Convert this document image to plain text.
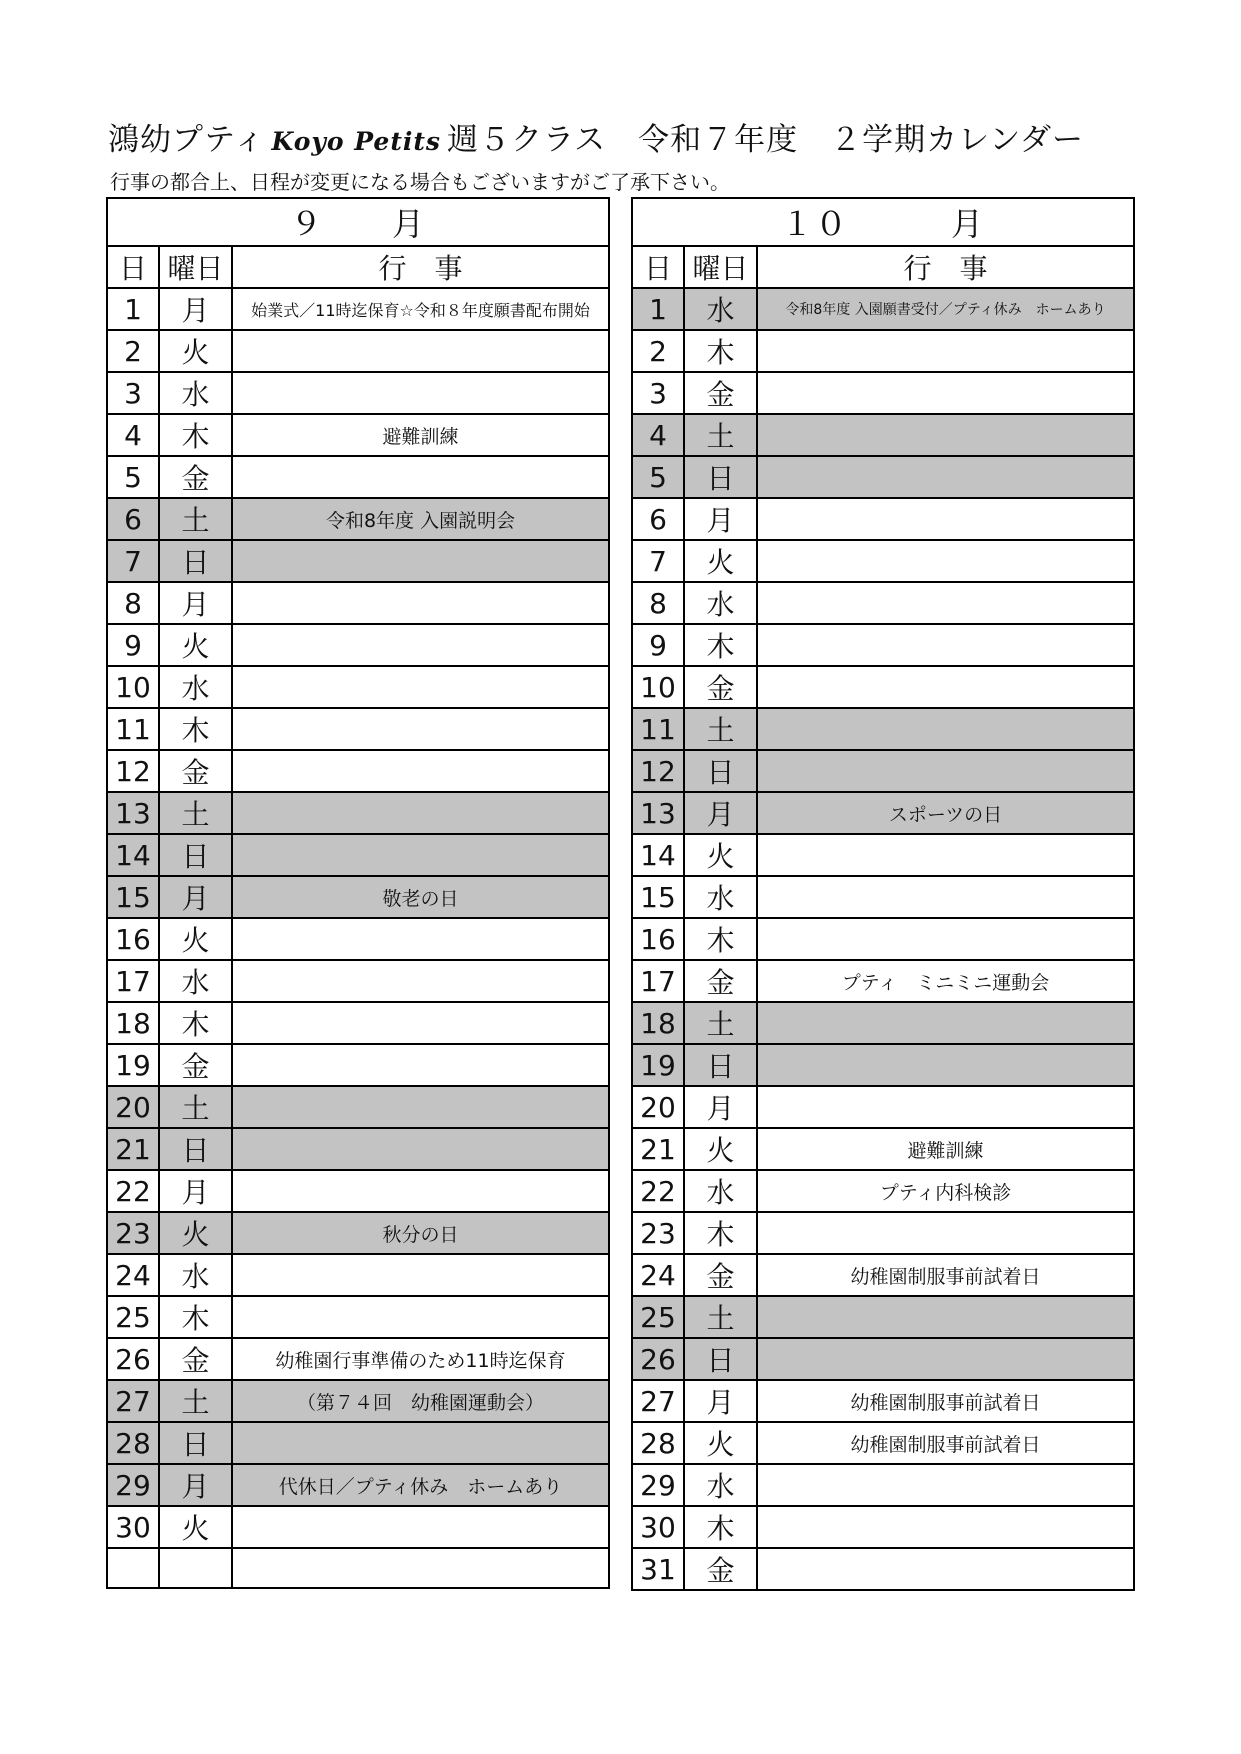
鴻幼プティ Koyo Petits 週５クラス　令和７年度　２学期カレンダー
行事の都合上、日程が変更になる場合もございますがご了承下さい。
９　　月		
日	曜日	行　事
1	月	始業式／11時迄保育☆令和８年度願書配布開始
2	火	
3	水	
4	木	避難訓練
5	金	
6	土	令和8年度 入園説明会
7	日	
8	月	
9	火	
10	水	
11	木	
12	金	
13	土	
14	日	
15	月	敬老の日
16	火	
17	水	
18	木	
19	金	
20	土	
21	日	
22	月	
23	火	秋分の日
24	水	
25	木	
26	金	幼稚園行事準備のため11時迄保育
27	土	（第７４回　幼稚園運動会）
28	日	
29	月	代休日／プティ休み　ホームあり
30	火	

１０　　　月		
日	曜日	行　事
1	水	令和8年度 入園願書受付／プティ休み　ホームあり
2	木	
3	金	
4	土	
5	日	
6	月	
7	火	
8	水	
9	木	
10	金	
11	土	
12	日	
13	月	スポーツの日
14	火	
15	水	
16	木	
17	金	プティ　ミニミニ運動会
18	土	
19	日	
20	月	
21	火	避難訓練
22	水	プティ内科検診
23	木	
24	金	幼稚園制服事前試着日
25	土	
26	日	
27	月	幼稚園制服事前試着日
28	火	幼稚園制服事前試着日
29	水	
30	木	
31	金	
